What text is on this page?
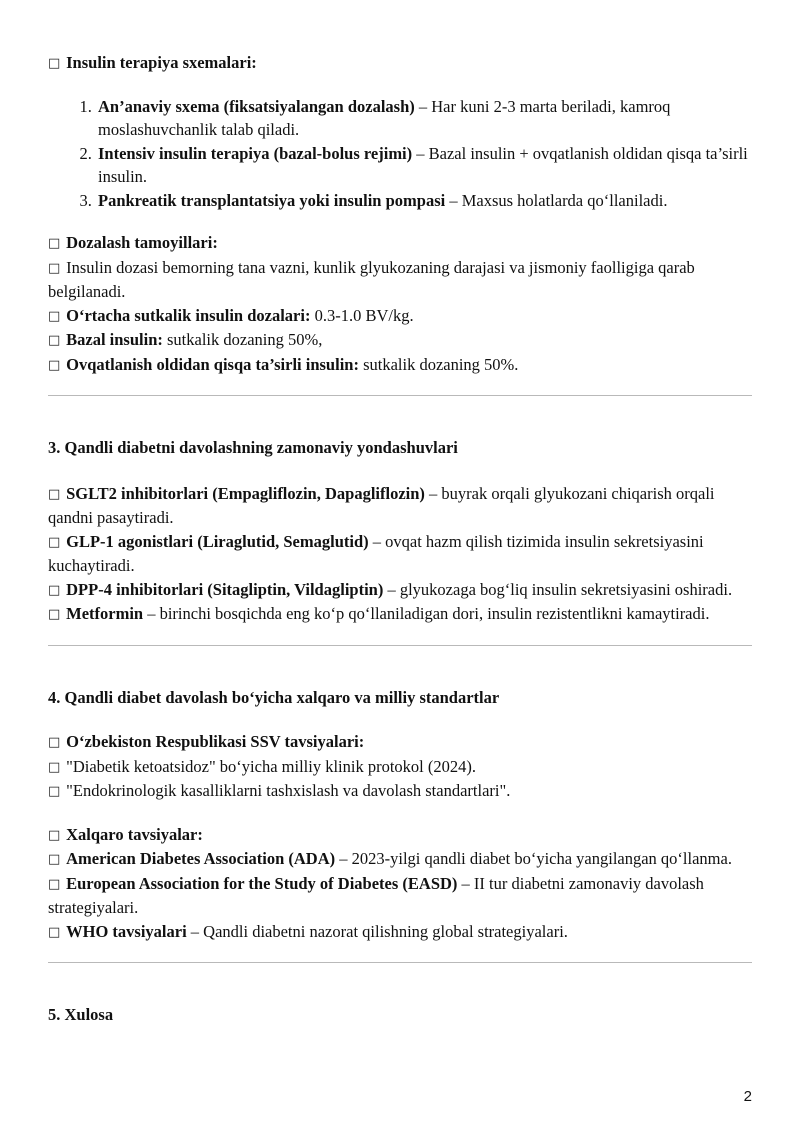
□ Insulin terapiya sxemalari:

1. An’anaviy sxema (fiksatsiyalangan dozalash) – Har kuni 2-3 marta beriladi, kamroq moslashuvchanlik talab qiladi.
2. Intensiv insulin terapiya (bazal-bolus rejimi) – Bazal insulin + ovqatlanish oldidan qisqa ta’sirli insulin.
3. Pankreatik transplantatsiya yoki insulin pompasi – Maxsus holatlarda qo‘llaniladi.

□ Dozalash tamoyillari:

□ Insulin dozasi bemorning tana vazni, kunlik glyukozaning darajasi va jismoniy faolligiga qarab belgilanadi.

□ O‘rtacha sutkalik insulin dozalari: 0.3-1.0 BV/kg.

□ Bazal insulin: sutkalik dozaning 50%,

□ Ovqatlanish oldidan qisqa ta’sirli insulin: sutkalik dozaning 50%.

3. Qandli diabetni davolashning zamonaviy yondashuvlari

□ SGLT2 inhibitorlari (Empagliflozin, Dapagliflozin) – buyrak orqali glyukozani chiqarish orqali qandni pasaytiradi.

□ GLP-1 agonistlari (Liraglutid, Semaglutid) – ovqat hazm qilish tizimida insulin sekretsiyasini kuchaytiradi.

□ DPP-4 inhibitorlari (Sitagliptin, Vildagliptin) – glyukozaga bog‘liq insulin sekretsiyasini oshiradi.

□ Metformin – birinchi bosqichda eng ko‘p qo‘llaniladigan dori, insulin rezistentlikni kamaytiradi.

4. Qandli diabet davolash bo‘yicha xalqaro va milliy standartlar

□ O‘zbekiston Respublikasi SSV tavsiyalari:

□ "Diabetik ketoatsidoz" bo‘yicha milliy klinik protokol (2024).

□ "Endokrinologik kasalliklarni tashxislash va davolash standartlari".

□ Xalqaro tavsiyalar:

□ American Diabetes Association (ADA) – 2023-yilgi qandli diabet bo‘yicha yangilangan qo‘llanma.

□ European Association for the Study of Diabetes (EASD) – II tur diabetni zamonaviy davolash strategiyalari.

□ WHO tavsiyalari – Qandli diabetni nazorat qilishning global strategiyalari.

5. Xulosa

2
